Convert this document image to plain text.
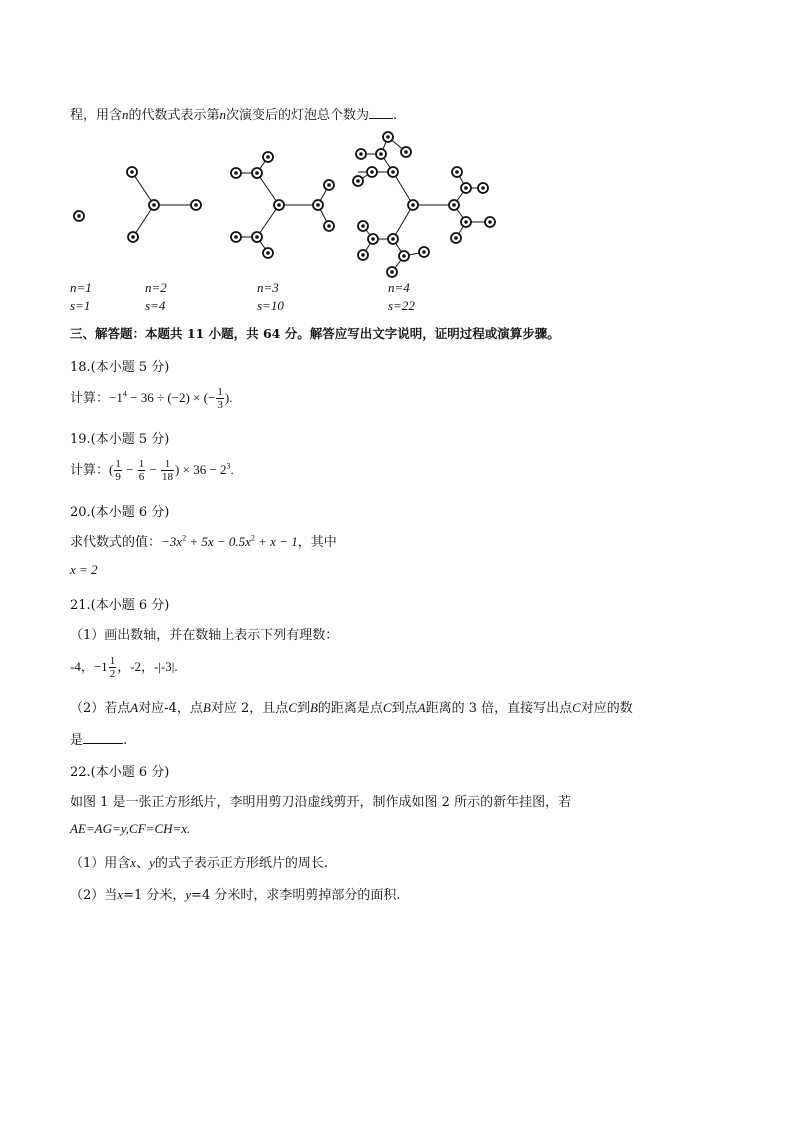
程，用含n的代数式表示第n次演变后的灯泡总个数为 .
n=1
s=1
n=2
s=4
n=3
s=10
n=4
s=22
三、解答题：本题共 11 小题，共 64 分。解答应写出文字说明，证明过程或演算步骤。
18.(本小题 5 分)
计算：$-1^4 - 36 \div (-2)$ × (− $\frac{1}{3}$ ).
19.(本小题 5 分)
计算：( $\frac{1}{9} - \frac{1}{6} - \frac{1}{18}$ ) × $36 - 2^3$.
20.(本小题 6 分)
求代数式的值：$-3x^2 + 5x - 0.5x^2 + x - 1$，其中
x = 2
21.(本小题 6 分)
（1）画出数轴，并在数轴上表示下列有理数：
-4，$-1 \frac{1}{2}$ ，-2，-|-3|.
（2）若点A对应-4，点B对应 2，且点C到B的距离是点C到点A距离的 3 倍，直接写出点C对应的数
是	.
22.(本小题 6 分)
如图 1 是一张正方形纸片，李明用剪刀沿虚线剪开，制作成如图 2 所示的新年挂图，若
AE=AG=y,CF=CH=x.
（1）用含x、y的式子表示正方形纸片的周长.
（2）当x=1 分米，y=4 分米时，求李明剪掉部分的面积.
